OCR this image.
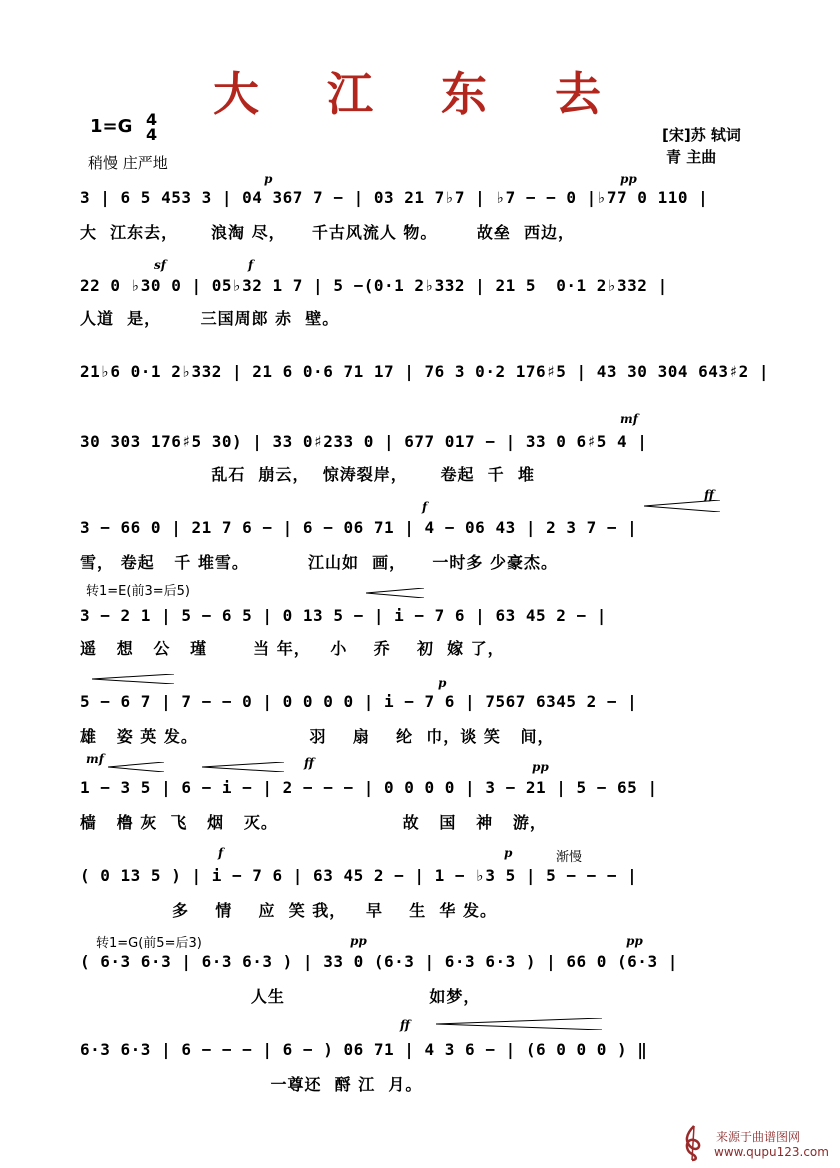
大 江 东 去
1=G 4
4
稍慢 庄严地
[宋]苏 轼词
青 主曲
p	pp
3 | 6 5 453 3 | 04 367 7 − | 03 21 7♭7 | ♭7 − − 0 |♭77 0 110 |
大  江东去，     浪淘 尽，    千古风流人 物。      故垒  西边，
sf	f
22 0 ♭30 0 | 05♭32 1 7 | 5 −(0·1 2♭332 | 21 5  0·1 2♭332 |
人道  是，      三国周郎 赤  壁。
21♭6 0·1 2♭332 | 21 6 0·6 71 17 | 76 3 0·2 176♯5 | 43 30 304 643♯2 |
mf
30 303 176♯5 30) | 33 0♯233 0 | 677 017 − | 33 0 6♯5 4 |
乱石  崩云，  惊涛裂岸，     卷起  千  堆
f
ff
3 − 66 0 | 21 7 6 − | 6 − 06 71 | 4 − 06 43 | 2 3 7 − |
雪， 卷起   千 堆雪。         江山如  画，    一时多 少豪杰。
转1=E(前3=后5)
3 − 2 1 | 5 − 6 5 | 0 13 5 − | i − 7 6 | 63 45 2 − |
遥   想   公   瑾       当 年，   小    乔    初  嫁 了，
p
5 − 6 7 | 7 − − 0 | 0 0 0 0 | i − 7 6 | 7567 6345 2 − |
雄   姿 英 发。                 羽    扇    纶  巾，谈 笑   间，
mf	ff	pp
1 − 3 5 | 6 − i − | 2 − − − | 0 0 0 0 | 3 − 21 | 5 − 65 |
樯   橹 灰  飞   烟   灭。                   故   国   神   游，
f	p	渐慢
( 0 13 5 ) | i − 7 6 | 63 45 2 − | 1 − ♭3 5 | 5 − − − |
多    情    应  笑 我，   早    生  华 发。
转1=G(前5=后3)	pp	pp
( 6·3 6·3 | 6·3 6·3 ) | 33 0 (6·3 | 6·3 6·3 ) | 66 0 (6·3 |
人生                      如梦，
ff
6·3 6·3 | 6 − − − | 6 − ) 06 71 | 4 3 6 − | (6 0 0 0 ) ‖
一尊还  酹 江  月。
来源于曲谱图网
www.qupu123.com
